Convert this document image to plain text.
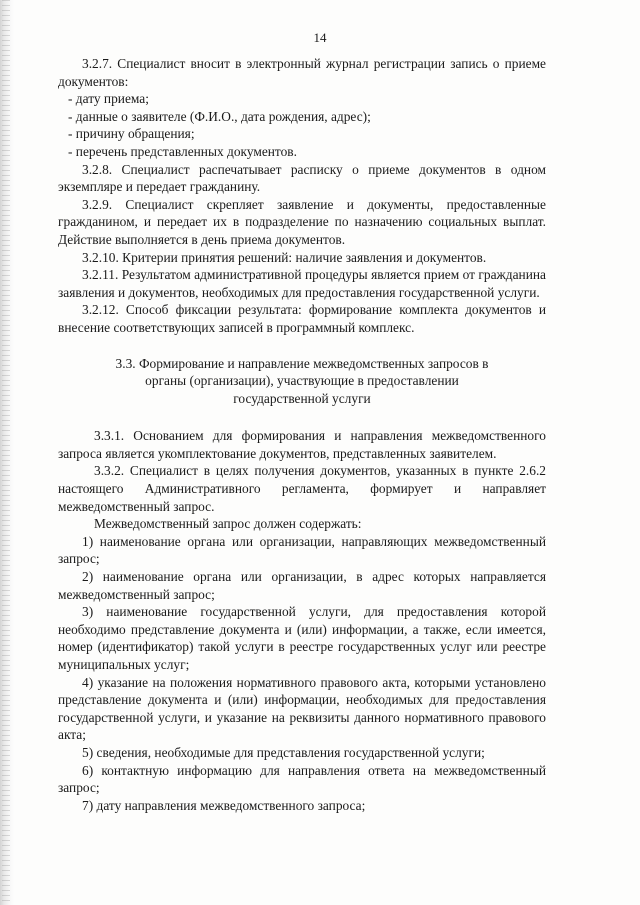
14

3.2.7. Специалист вносит в электронный журнал регистрации запись о приеме документов:

- дату приема;

- данные о заявителе (Ф.И.О., дата рождения, адрес);

- причину обращения;

- перечень представленных документов.

3.2.8. Специалист распечатывает расписку о приеме документов в одном экземпляре и передает гражданину.

3.2.9. Специалист скрепляет заявление и документы, предоставленные гражданином, и передает их в подразделение по назначению социальных выплат. Действие выполняется в день приема документов.

3.2.10. Критерии принятия решений: наличие заявления и документов.

3.2.11. Результатом административной процедуры является прием от гражданина заявления и документов, необходимых для предоставления государственной услуги.

3.2.12. Способ фиксации результата: формирование комплекта документов и внесение соответствующих записей в программный комплекс.

3.3. Формирование и направление межведомственных запросов в
органы (организации), участвующие в предоставлении
государственной услуги

3.3.1. Основанием для формирования и направления межведомственного запроса является укомплектование документов, представленных заявителем.

3.3.2. Специалист в целях получения документов, указанных в пункте 2.6.2 настоящего Административного регламента, формирует и направляет межведомственный запрос.

Межведомственный запрос должен содержать:

1) наименование органа или организации, направляющих межведомственный запрос;

2) наименование органа или организации, в адрес которых направляется межведомственный запрос;

3) наименование государственной услуги, для предоставления которой необходимо представление документа и (или) информации, а также, если имеется, номер (идентификатор) такой услуги в реестре государственных услуг или реестре муниципальных услуг;

4) указание на положения нормативного правового акта, которыми установлено представление документа и (или) информации, необходимых для предоставления государственной услуги, и указание на реквизиты данного нормативного правового акта;

5) сведения, необходимые для представления государственной услуги;

6) контактную информацию для направления ответа на межведомственный запрос;

7) дату направления межведомственного запроса;
